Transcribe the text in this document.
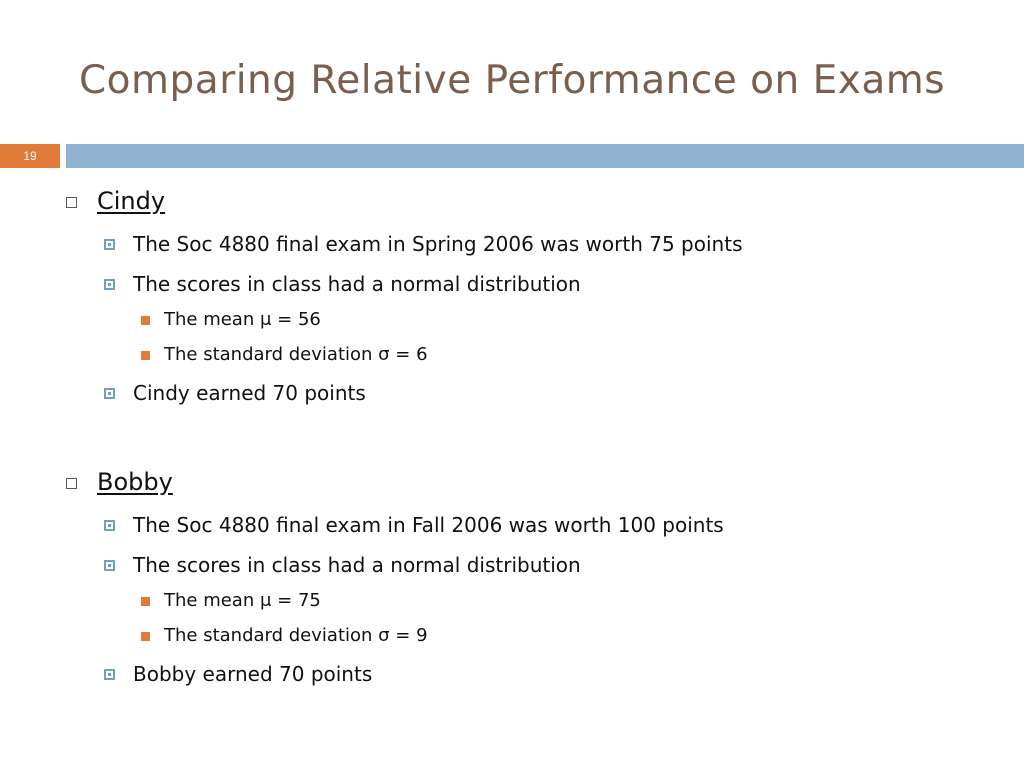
Comparing Relative Performance on Exams
19
Cindy
The Soc 4880 final exam in Spring 2006 was worth 75 points
The scores in class had a normal distribution
The mean μ = 56
The standard deviation σ = 6
Cindy earned 70 points
Bobby
The Soc 4880 final exam in Fall 2006 was worth 100 points
The scores in class had a normal distribution
The mean μ = 75
The standard deviation σ = 9
Bobby earned 70 points
